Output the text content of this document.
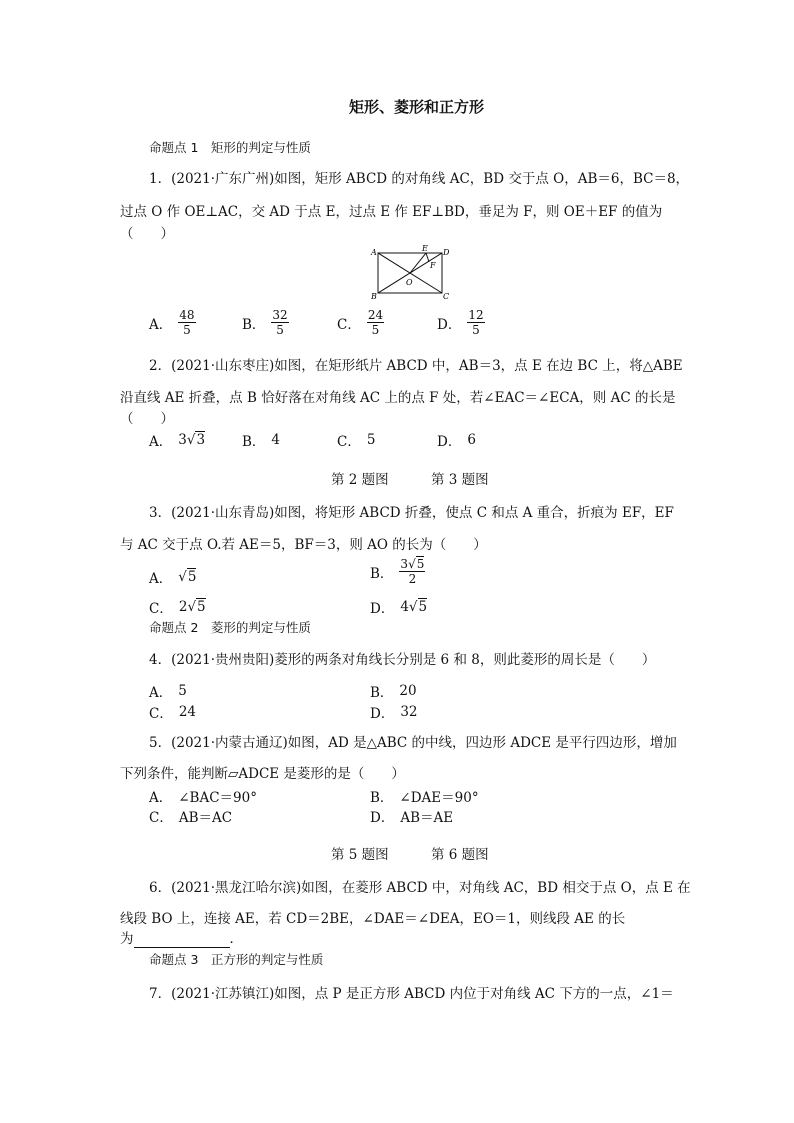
矩形、菱形和正方形
命题点 1　矩形的判定与性质
1．(2021·广东广州)如图，矩形 ABCD 的对角线 AC，BD 交于点 O，AB＝6，BC＝8，
过点 O 作 OE⊥AC，交 AD 于点 E，过点 E 作 EF⊥BD，垂足为 F，则 OE＋EF 的值为
（　　）
A
B	C
D
E
F
O
A． $\frac{48}{5}$	B． $\frac{32}{5}$	C． $\frac{24}{5}$	D． $\frac{12}{5}$
2．(2021·山东枣庄)如图，在矩形纸片 ABCD 中，AB＝3，点 E 在边 BC 上，将△ABE
沿直线 AE 折叠，点 B 恰好落在对角线 AC 上的点 F 处，若∠EAC＝∠ECA，则 AC 的长是
（　　）
A． 3√3	B． 4	C． 5	D． 6
第 2 题图	第 3 题图
3．(2021·山东青岛)如图，将矩形 ABCD 折叠，使点 C 和点 A 重合，折痕为 EF，EF
与 AC 交于点 O.若 AE＝5，BF＝3，则 AO 的长为（　　）
A． √5	B． $\frac{3√5}{2}$
C． 2√5	D． 4√5
命题点 2　菱形的判定与性质
4．(2021·贵州贵阳)菱形的两条对角线长分别是 6 和 8，则此菱形的周长是（　　）
A． 5	B． 20
C． 24	D． 32
5．(2021·内蒙古通辽)如图，AD 是△ABC 的中线，四边形 ADCE 是平行四边形，增加
下列条件，能判断▱ADCE 是菱形的是（　　）
A． ∠BAC＝90°	B． ∠DAE＝90°
C． AB＝AC	D． AB＝AE
第 5 题图	第 6 题图
6．(2021·黑龙江哈尔滨)如图，在菱形 ABCD 中，对角线 AC，BD 相交于点 O，点 E 在
线段 BO 上，连接 AE，若 CD＝2BE，∠DAE＝∠DEA，EO＝1，则线段 AE 的长
为	．
命题点 3　正方形的判定与性质
7．(2021·江苏镇江)如图，点 P 是正方形 ABCD 内位于对角线 AC 下方的一点，∠1＝
